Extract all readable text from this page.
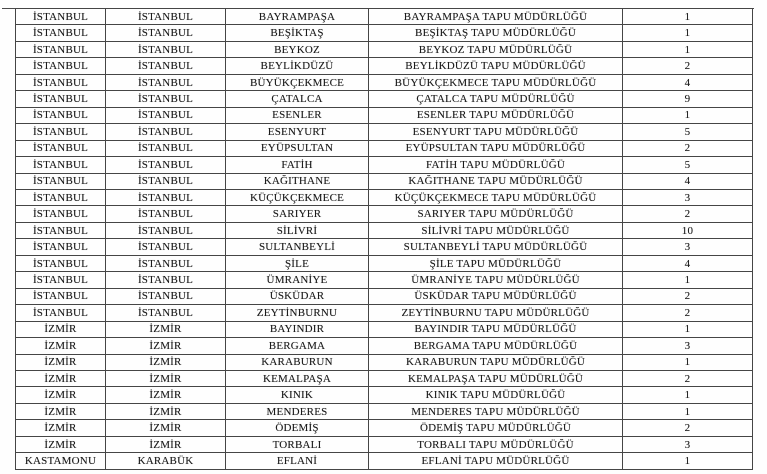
İSTANBUL	İSTANBUL	BAYRAMPAŞA	BAYRAMPAŞA TAPU MÜDÜRLÜĞÜ	1
İSTANBUL	İSTANBUL	BEŞİKTAŞ	BEŞİKTAŞ TAPU MÜDÜRLÜĞÜ	1
İSTANBUL	İSTANBUL	BEYKOZ	BEYKOZ TAPU MÜDÜRLÜĞÜ	1
İSTANBUL	İSTANBUL	BEYLİKDÜZÜ	BEYLİKDÜZÜ TAPU MÜDÜRLÜĞÜ	2
İSTANBUL	İSTANBUL	BÜYÜKÇEKMECE	BÜYÜKÇEKMECE TAPU MÜDÜRLÜĞÜ	4
İSTANBUL	İSTANBUL	ÇATALCA	ÇATALCA TAPU MÜDÜRLÜĞÜ	9
İSTANBUL	İSTANBUL	ESENLER	ESENLER TAPU MÜDÜRLÜĞÜ	1
İSTANBUL	İSTANBUL	ESENYURT	ESENYURT TAPU MÜDÜRLÜĞÜ	5
İSTANBUL	İSTANBUL	EYÜPSULTAN	EYÜPSULTAN TAPU MÜDÜRLÜĞÜ	2
İSTANBUL	İSTANBUL	FATİH	FATİH TAPU MÜDÜRLÜĞÜ	5
İSTANBUL	İSTANBUL	KAĞITHANE	KAĞITHANE TAPU MÜDÜRLÜĞÜ	4
İSTANBUL	İSTANBUL	KÜÇÜKÇEKMECE	KÜÇÜKÇEKMECE TAPU MÜDÜRLÜĞÜ	3
İSTANBUL	İSTANBUL	SARIYER	SARIYER TAPU MÜDÜRLÜĞÜ	2
İSTANBUL	İSTANBUL	SİLİVRİ	SİLİVRİ TAPU MÜDÜRLÜĞÜ	10
İSTANBUL	İSTANBUL	SULTANBEYLİ	SULTANBEYLİ TAPU MÜDÜRLÜĞÜ	3
İSTANBUL	İSTANBUL	ŞİLE	ŞİLE TAPU MÜDÜRLÜĞÜ	4
İSTANBUL	İSTANBUL	ÜMRANİYE	ÜMRANİYE TAPU MÜDÜRLÜĞÜ	1
İSTANBUL	İSTANBUL	ÜSKÜDAR	ÜSKÜDAR TAPU MÜDÜRLÜĞÜ	2
İSTANBUL	İSTANBUL	ZEYTİNBURNU	ZEYTİNBURNU TAPU MÜDÜRLÜĞÜ	2
İZMİR	İZMİR	BAYINDIR	BAYINDIR TAPU MÜDÜRLÜĞÜ	1
İZMİR	İZMİR	BERGAMA	BERGAMA TAPU MÜDÜRLÜĞÜ	3
İZMİR	İZMİR	KARABURUN	KARABURUN TAPU MÜDÜRLÜĞÜ	1
İZMİR	İZMİR	KEMALPAŞA	KEMALPAŞA TAPU MÜDÜRLÜĞÜ	2
İZMİR	İZMİR	KINIK	KINIK TAPU MÜDÜRLÜĞÜ	1
İZMİR	İZMİR	MENDERES	MENDERES TAPU MÜDÜRLÜĞÜ	1
İZMİR	İZMİR	ÖDEMİŞ	ÖDEMİŞ TAPU MÜDÜRLÜĞÜ	2
İZMİR	İZMİR	TORBALI	TORBALI TAPU MÜDÜRLÜĞÜ	3
KASTAMONU	KARABÜK	EFLANİ	EFLANİ TAPU MÜDÜRLÜĞÜ	1
